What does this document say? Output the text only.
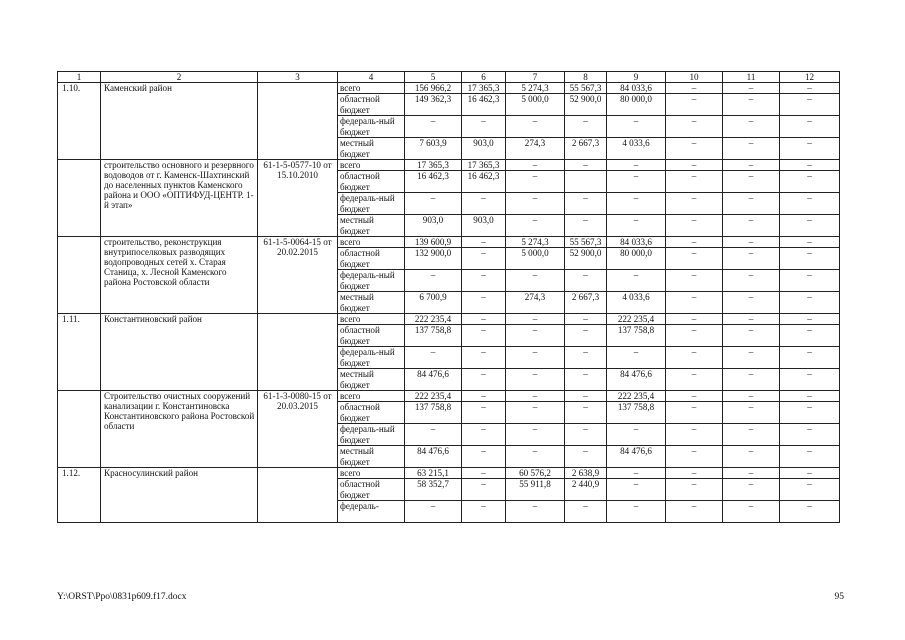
1	2	3	4	5	6	7	8	9	10	11	12
1.10.	Каменский район		всего	156 966,2	17 365,3	5 274,3	55 567,3	84 033,6	–	–	–
			областной бюджет	149 362,3	16 462,3	5 000,0	52 900,0	80 000,0	–	–	–
			федераль-ный бюджет	–	–	–	–	–	–	–	–
			местный бюджет	7 603,9	903,0	274,3	2 667,3	4 033,6	–	–	–
	строительство основного и резервного водоводов от г. Каменск-Шахтинский до населенных пунктов Каменского района и ООО «ОПТИФУД-ЦЕНТР. 1-й этап»	61-1-5-0577-10 от 15.10.2010	всего	17 365,3	17 365,3	–	–	–	–	–	–
			областной бюджет	16 462,3	16 462,3	–		–	–	–	–
			федераль-ный бюджет	–	–	–	–	–	–	–	–
			местный бюджет	903,0	903,0	–	–	–	–	–	–
	строительство, реконструкция внутрипоселковых разводящих водопроводных сетей х. Старая Станица, х. Лесной Каменского района Ростовской области	61-1-5-0064-15 от 20.02.2015	всего	139 600,9	–	5 274,3	55 567,3	84 033,6	–	–	–
			областной бюджет	132 900,0	–	5 000,0	52 900,0	80 000,0	–	–	–
			федераль-ный бюджет	–	–	–	–	–	–	–	–
			местный бюджет	6 700,9	–	274,3	2 667,3	4 033,6	–	–	–
1.11.	Константиновский район		всего	222 235,4	–	–	–	222 235,4	–	–	–
			областной бюджет	137 758,8	–	–	–	137 758,8	–	–	–
			федераль-ный бюджет	–	–	–	–	–	–	–	–
			местный бюджет	84 476,6	–	–	–	84 476,6	–	–	–
	Строительство очистных сооружений канализации г. Константиновска Константиновского района Ростовской области	61-1-3-0080-15 от 20.03.2015	всего	222 235,4	–	–	–	222 235,4	–	–	–
			областной бюджет	137 758,8	–	–	–	137 758,8	–	–	–
			федераль-ный бюджет	–	–	–	–	–	–	–	–
			местный бюджет	84 476,6	–	–	–	84 476,6	–	–	–
1.12.	Красносулинский район		всего	63 215,1	–	60 576,2	2 638,9	–	–	–	–
			областной бюджет	58 352,7	–	55 911,8	2 440,9	–	–	–	–
			федераль-	–	–	–	–	–	–	–	–
Y:\ORST\Ppo\0831p609.f17.docx	95
